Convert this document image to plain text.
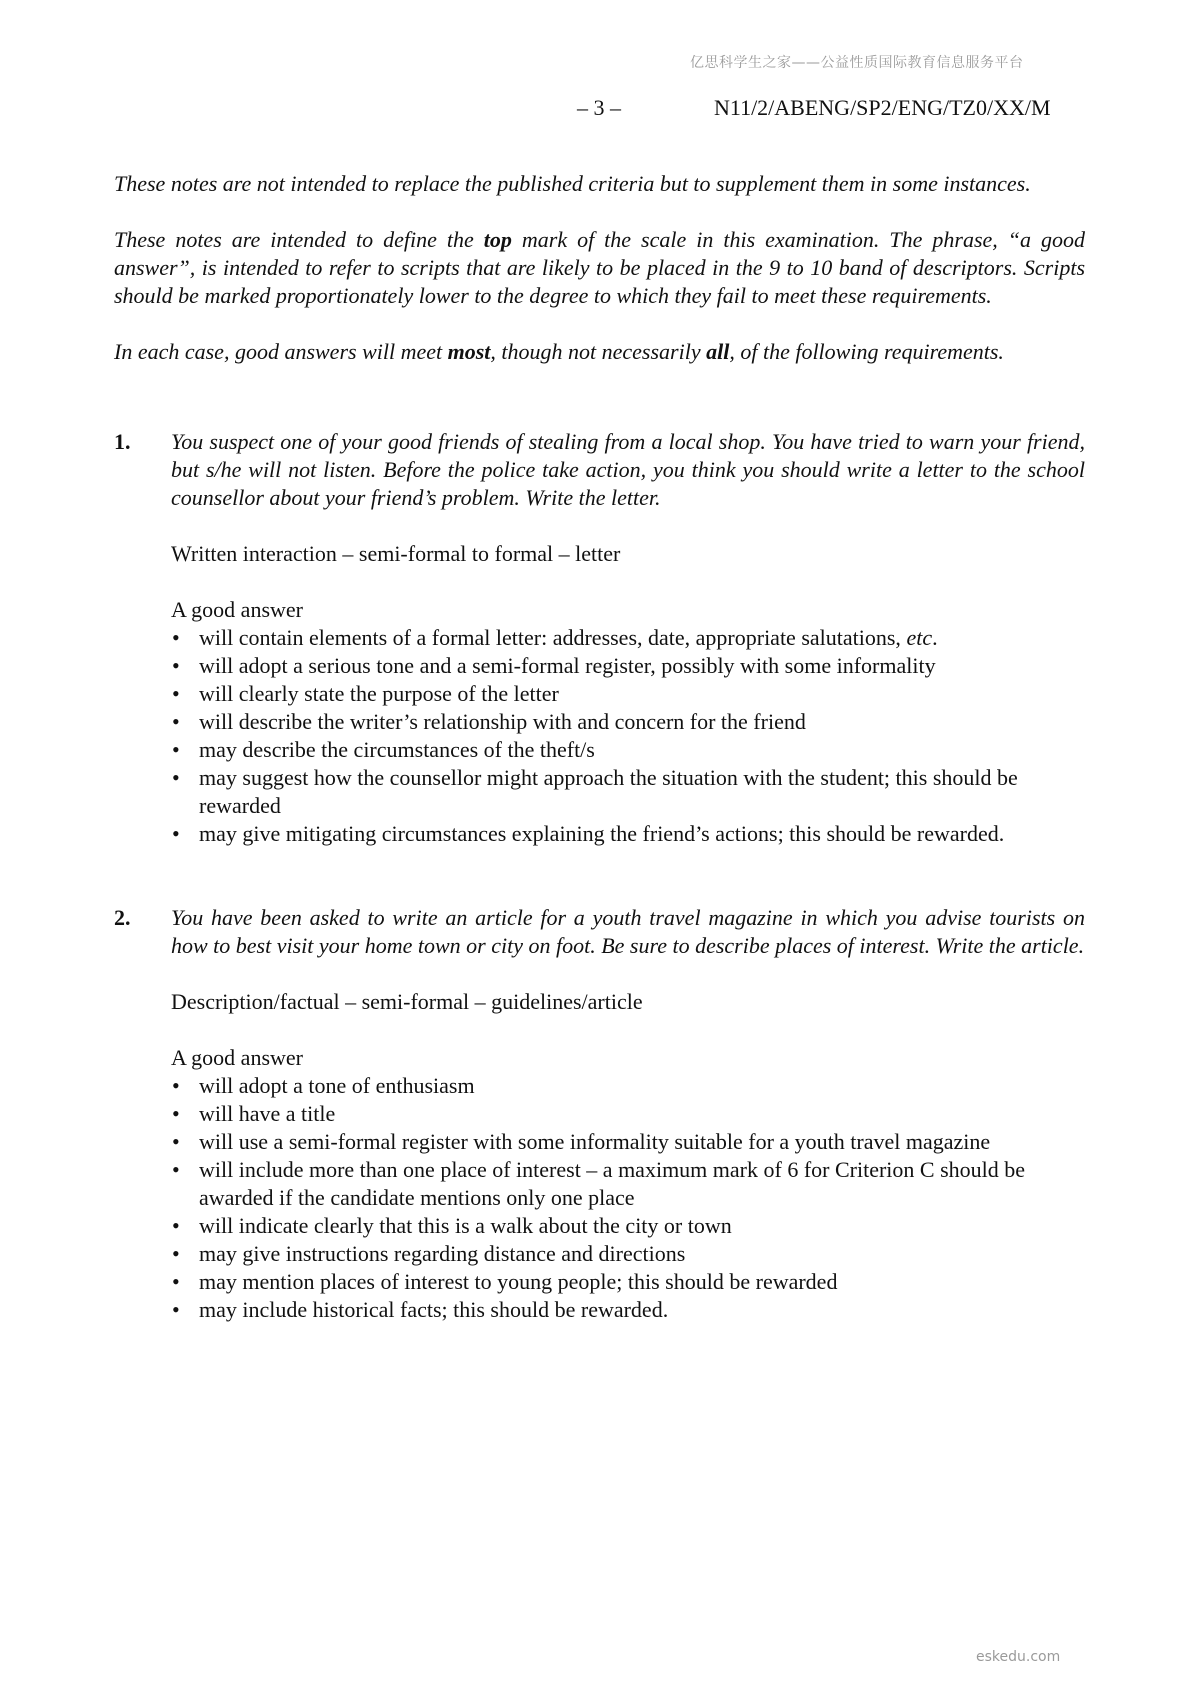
亿思科学生之家——公益性质国际教育信息服务平台
– 3 –	N11/2/ABENG/SP2/ENG/TZ0/XX/M

These notes are not intended to replace the published criteria but to supplement them in some instances.

These notes are intended to define the top mark of the scale in this examination. The phrase, “a good answer”, is intended to refer to scripts that are likely to be placed in the 9 to 10 band of descriptors. Scripts should be marked proportionately lower to the degree to which they fail to meet these requirements.

In each case, good answers will meet most, though not necessarily all, of the following requirements.

1. You suspect one of your good friends of stealing from a local shop. You have tried to warn your friend, but s/he will not listen. Before the police take action, you think you should write a letter to the school counsellor about your friend’s problem. Write the letter.

Written interaction – semi-formal to formal – letter

A good answer

• will contain elements of a formal letter: addresses, date, appropriate salutations, etc.
• will adopt a serious tone and a semi-formal register, possibly with some informality
• will clearly state the purpose of the letter
• will describe the writer’s relationship with and concern for the friend
• may describe the circumstances of the theft/s
• may suggest how the counsellor might approach the situation with the student; this should be rewarded
• may give mitigating circumstances explaining the friend’s actions; this should be rewarded.
2. You have been asked to write an article for a youth travel magazine in which you advise tourists on how to best visit your home town or city on foot. Be sure to describe places of interest. Write the article.

Description/factual – semi-formal – guidelines/article

A good answer

• will adopt a tone of enthusiasm
• will have a title
• will use a semi-formal register with some informality suitable for a youth travel magazine
• will include more than one place of interest – a maximum mark of 6 for Criterion C should be awarded if the candidate mentions only one place
• will indicate clearly that this is a walk about the city or town
• may give instructions regarding distance and directions
• may mention places of interest to young people; this should be rewarded
• may include historical facts; this should be rewarded.
eskedu.com
